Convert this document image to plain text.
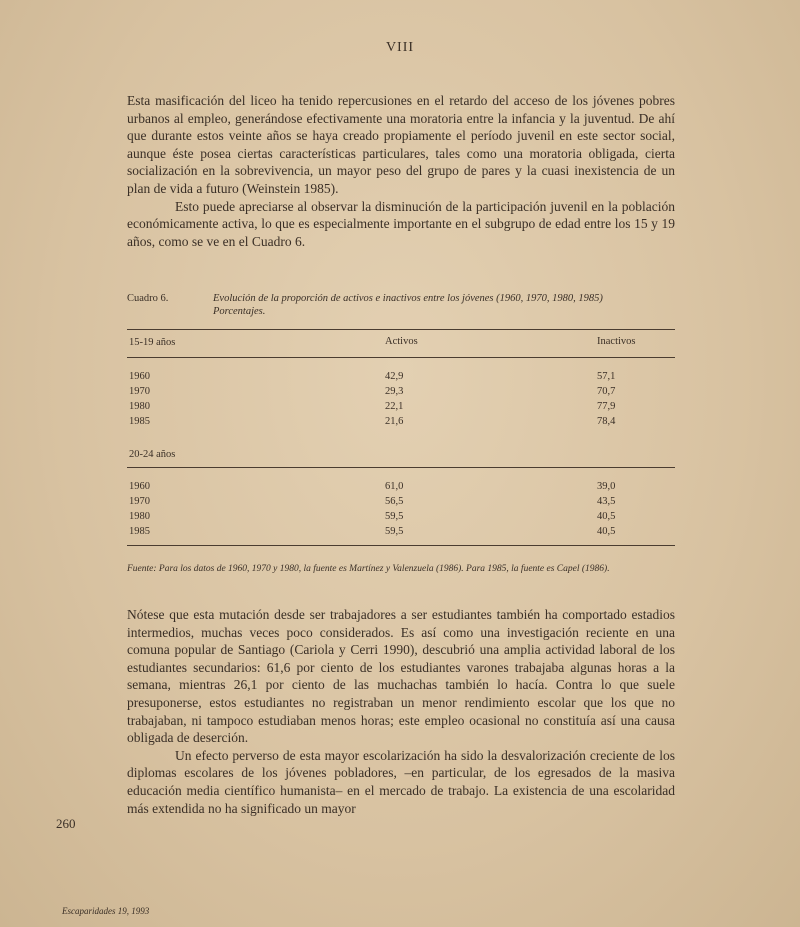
VIII

Esta masificación del liceo ha tenido repercusiones en el retardo del acceso de los jóvenes pobres urbanos al empleo, generándose efectivamente una moratoria entre la infancia y la juventud. De ahí que durante estos veinte años se haya creado propiamente el período juvenil en este sector social, aunque éste posea ciertas características particulares, tales como una moratoria obligada, cierta socialización en la sobrevivencia, un mayor peso del grupo de pares y la cuasi inexistencia de un plan de vida a futuro (Weinstein 1985).

Esto puede apreciarse al observar la disminución de la participación juvenil en la población económicamente activa, lo que es especialmente importante en el subgrupo de edad entre los 15 y 19 años, como se ve en el Cuadro 6.

Cuadro 6.	Evolución de la proporción de activos e inactivos entre los jóvenes (1960, 1970, 1980, 1985)
Porcentajes.
15-19 años	Activos	Inactivos
1960	42,9	57,1
1970	29,3	70,7
1980	22,1	77,9
1985	21,6	78,4
20-24 años
1960	61,0	39,0
1970	56,5	43,5
1980	59,5	40,5
1985	59,5	40,5
Fuente: Para los datos de 1960, 1970 y 1980, la fuente es Martínez y Valenzuela (1986). Para 1985, la fuente es Capel (1986).

Nótese que esta mutación desde ser trabajadores a ser estudiantes también ha comportado estadios intermedios, muchas veces poco considerados. Es así como una investigación reciente en una comuna popular de Santiago (Cariola y Cerri 1990), descubrió una amplia actividad laboral de los estudiantes secundarios: 61,6 por ciento de los estudiantes varones trabajaba algunas horas a la semana, mientras 26,1 por ciento de las muchachas también lo hacía. Contra lo que suele presuponerse, estos estudiantes no registraban un menor rendimiento escolar que los que no trabajaban, ni tampoco estudiaban menos horas; este empleo ocasional no constituía así una causa obligada de deserción.

Un efecto perverso de esta mayor escolarización ha sido la desvalorización creciente de los diplomas escolares de los jóvenes pobladores, –en particular, de los egresados de la masiva educación media científico humanista– en el mercado de trabajo. La existencia de una escolaridad más extendida no ha significado un mayor

260
Escaparidades 19, 1993
